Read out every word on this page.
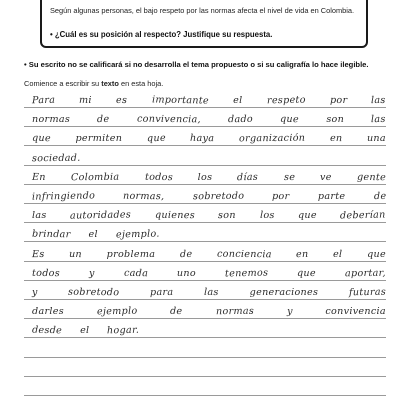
Según algunas personas, el bajo respeto por las normas afecta el nivel de vida en Colombia.
• ¿Cuál es su posición al respecto? Justifique su respuesta.
• Su escrito no se calificará si no desarrolla el tema propuesto o si su caligrafía lo hace ilegible.
Comience a escribir su texto en esta hoja.
Para	mi	es	importante	el	respeto	por	las
normas	de	convivencia,	dado	que	son	las
que	permiten	que	haya	organización	en	una
sociedad.
En	Colombia	todos	los	días	se	ve	gente
infringiendo	normas,	sobretodo	por	parte	de
las autoridades quienes son los que deberían
brindar el ejemplo.
Es	un	problema	de	conciencia	en	el	que
todos	y	cada	uno	tenemos	que	aportar,
y	sobretodo	para	las	generaciones	futuras
darles	ejemplo	de	normas	y	convivencia
desde el hogar.
